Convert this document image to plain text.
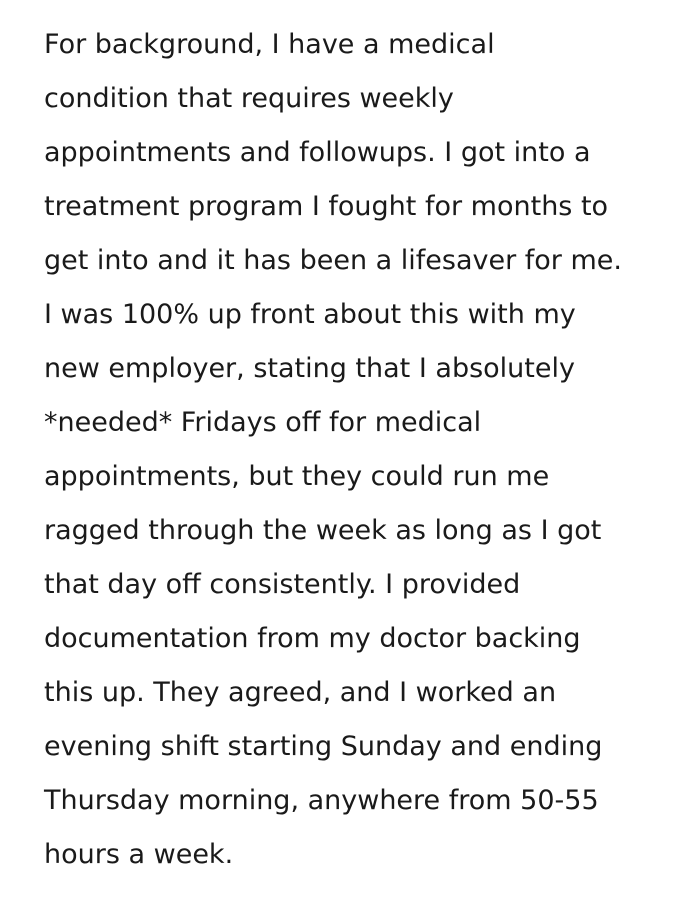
For background, I have a medical
condition that requires weekly
appointments and followups. I got into a
treatment program I fought for months to
get into and it has been a lifesaver for me.
I was 100% up front about this with my
new employer, stating that I absolutely
*needed* Fridays off for medical
appointments, but they could run me
ragged through the week as long as I got
that day off consistently. I provided
documentation from my doctor backing
this up. They agreed, and I worked an
evening shift starting Sunday and ending
Thursday morning, anywhere from 50-55
hours a week.
